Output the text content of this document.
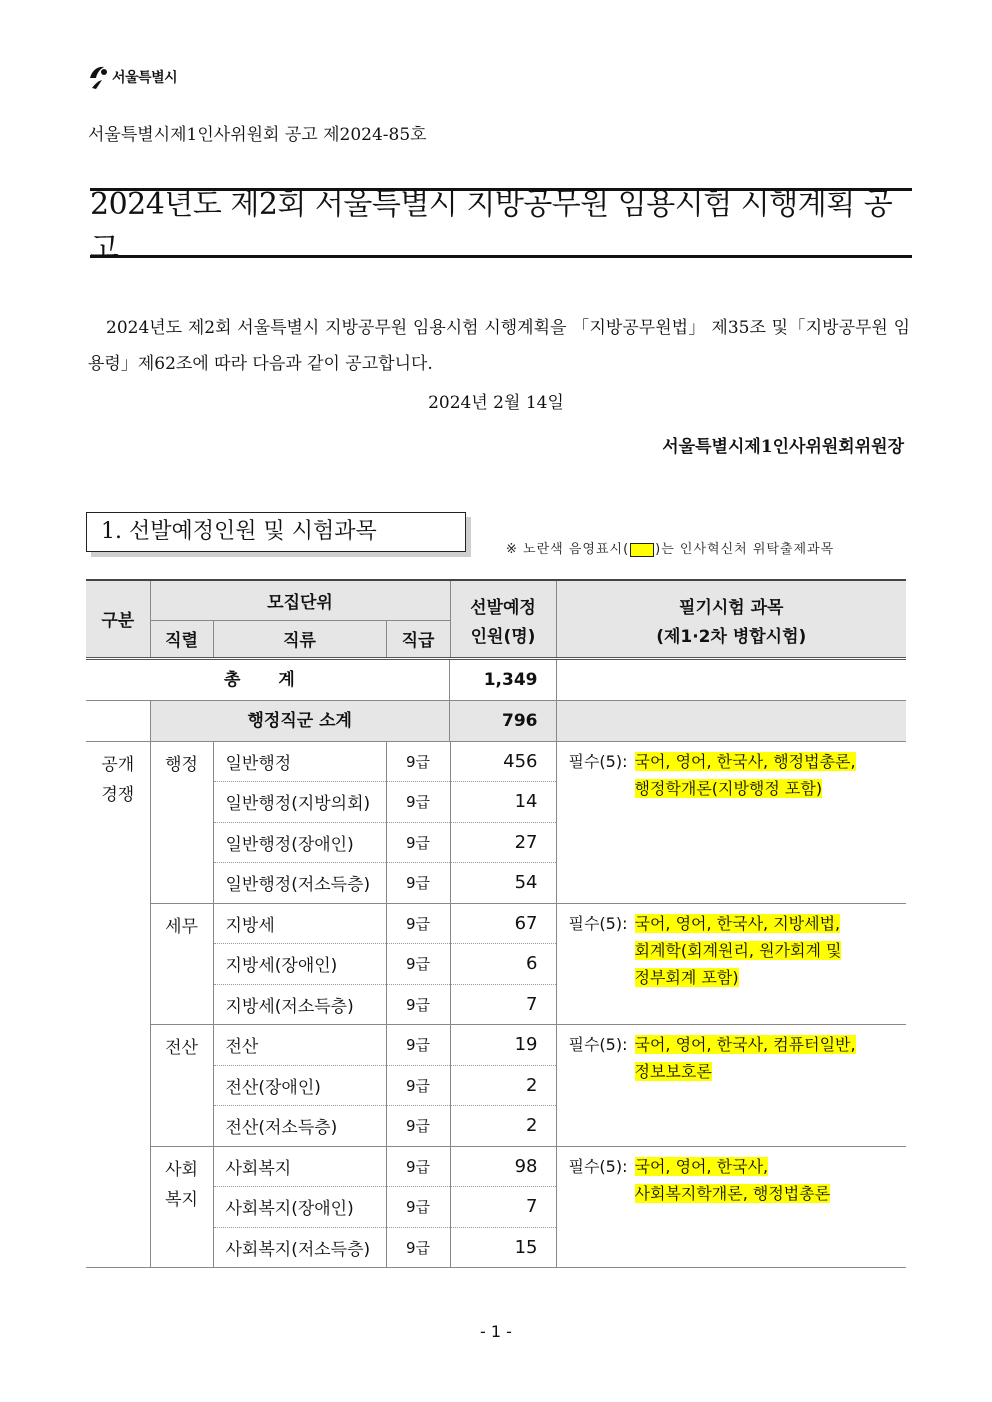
서울특별시
서울특별시제1인사위원회 공고 제2024-85호
2024년도 제2회 서울특별시 지방공무원 임용시험 시행계획 공고

2024년도 제2회 서울특별시 지방공무원 임용시험 시행계획을 「지방공무원법」 제35조 및「지방공무원 임용령」제62조에 따라 다음과 같이 공고합니다.

2024년 2월 14일
서울특별시제1인사위원회위원장
1. 선발예정인원 및 시험과목
※ 노란색 음영표시( )는 인사혁신처 위탁출제과목
구분	모집단위			선발예정	필기시험 과목
	직렬	직류	직급	인원(명)	(제1·2차 병합시험)

총 계 1,349					

	행정직군 소계 796				

공개 경쟁	행정	일반행정	9급	456	필수(5): 국어, 영어, 한국사, 행정법총론,
행정학개론(지방행정 포함)

		일반행정(지방의회)	9급	14	
		일반행정(장애인)	9급	27	
		일반행정(저소득층)	9급	54	
	세무	지방세	9급	67	필수(5): 국어, 영어, 한국사, 지방세법,
회계학(회계원리, 원가회계 및
정부회계 포함)

		지방세(장애인)	9급	6	
		지방세(저소득층)	9급	7	
	전산	전산	9급	19	필수(5): 국어, 영어, 한국사, 컴퓨터일반,
정보보호론

		전산(장애인)	9급	2	
		전산(저소득층)	9급	2	
	사회 복지	사회복지	9급	98	필수(5): 국어, 영어, 한국사,
사회복지학개론, 행정법총론

		사회복지(장애인)	9급	7	
		사회복지(저소득층)	9급	15	
- 1 -
